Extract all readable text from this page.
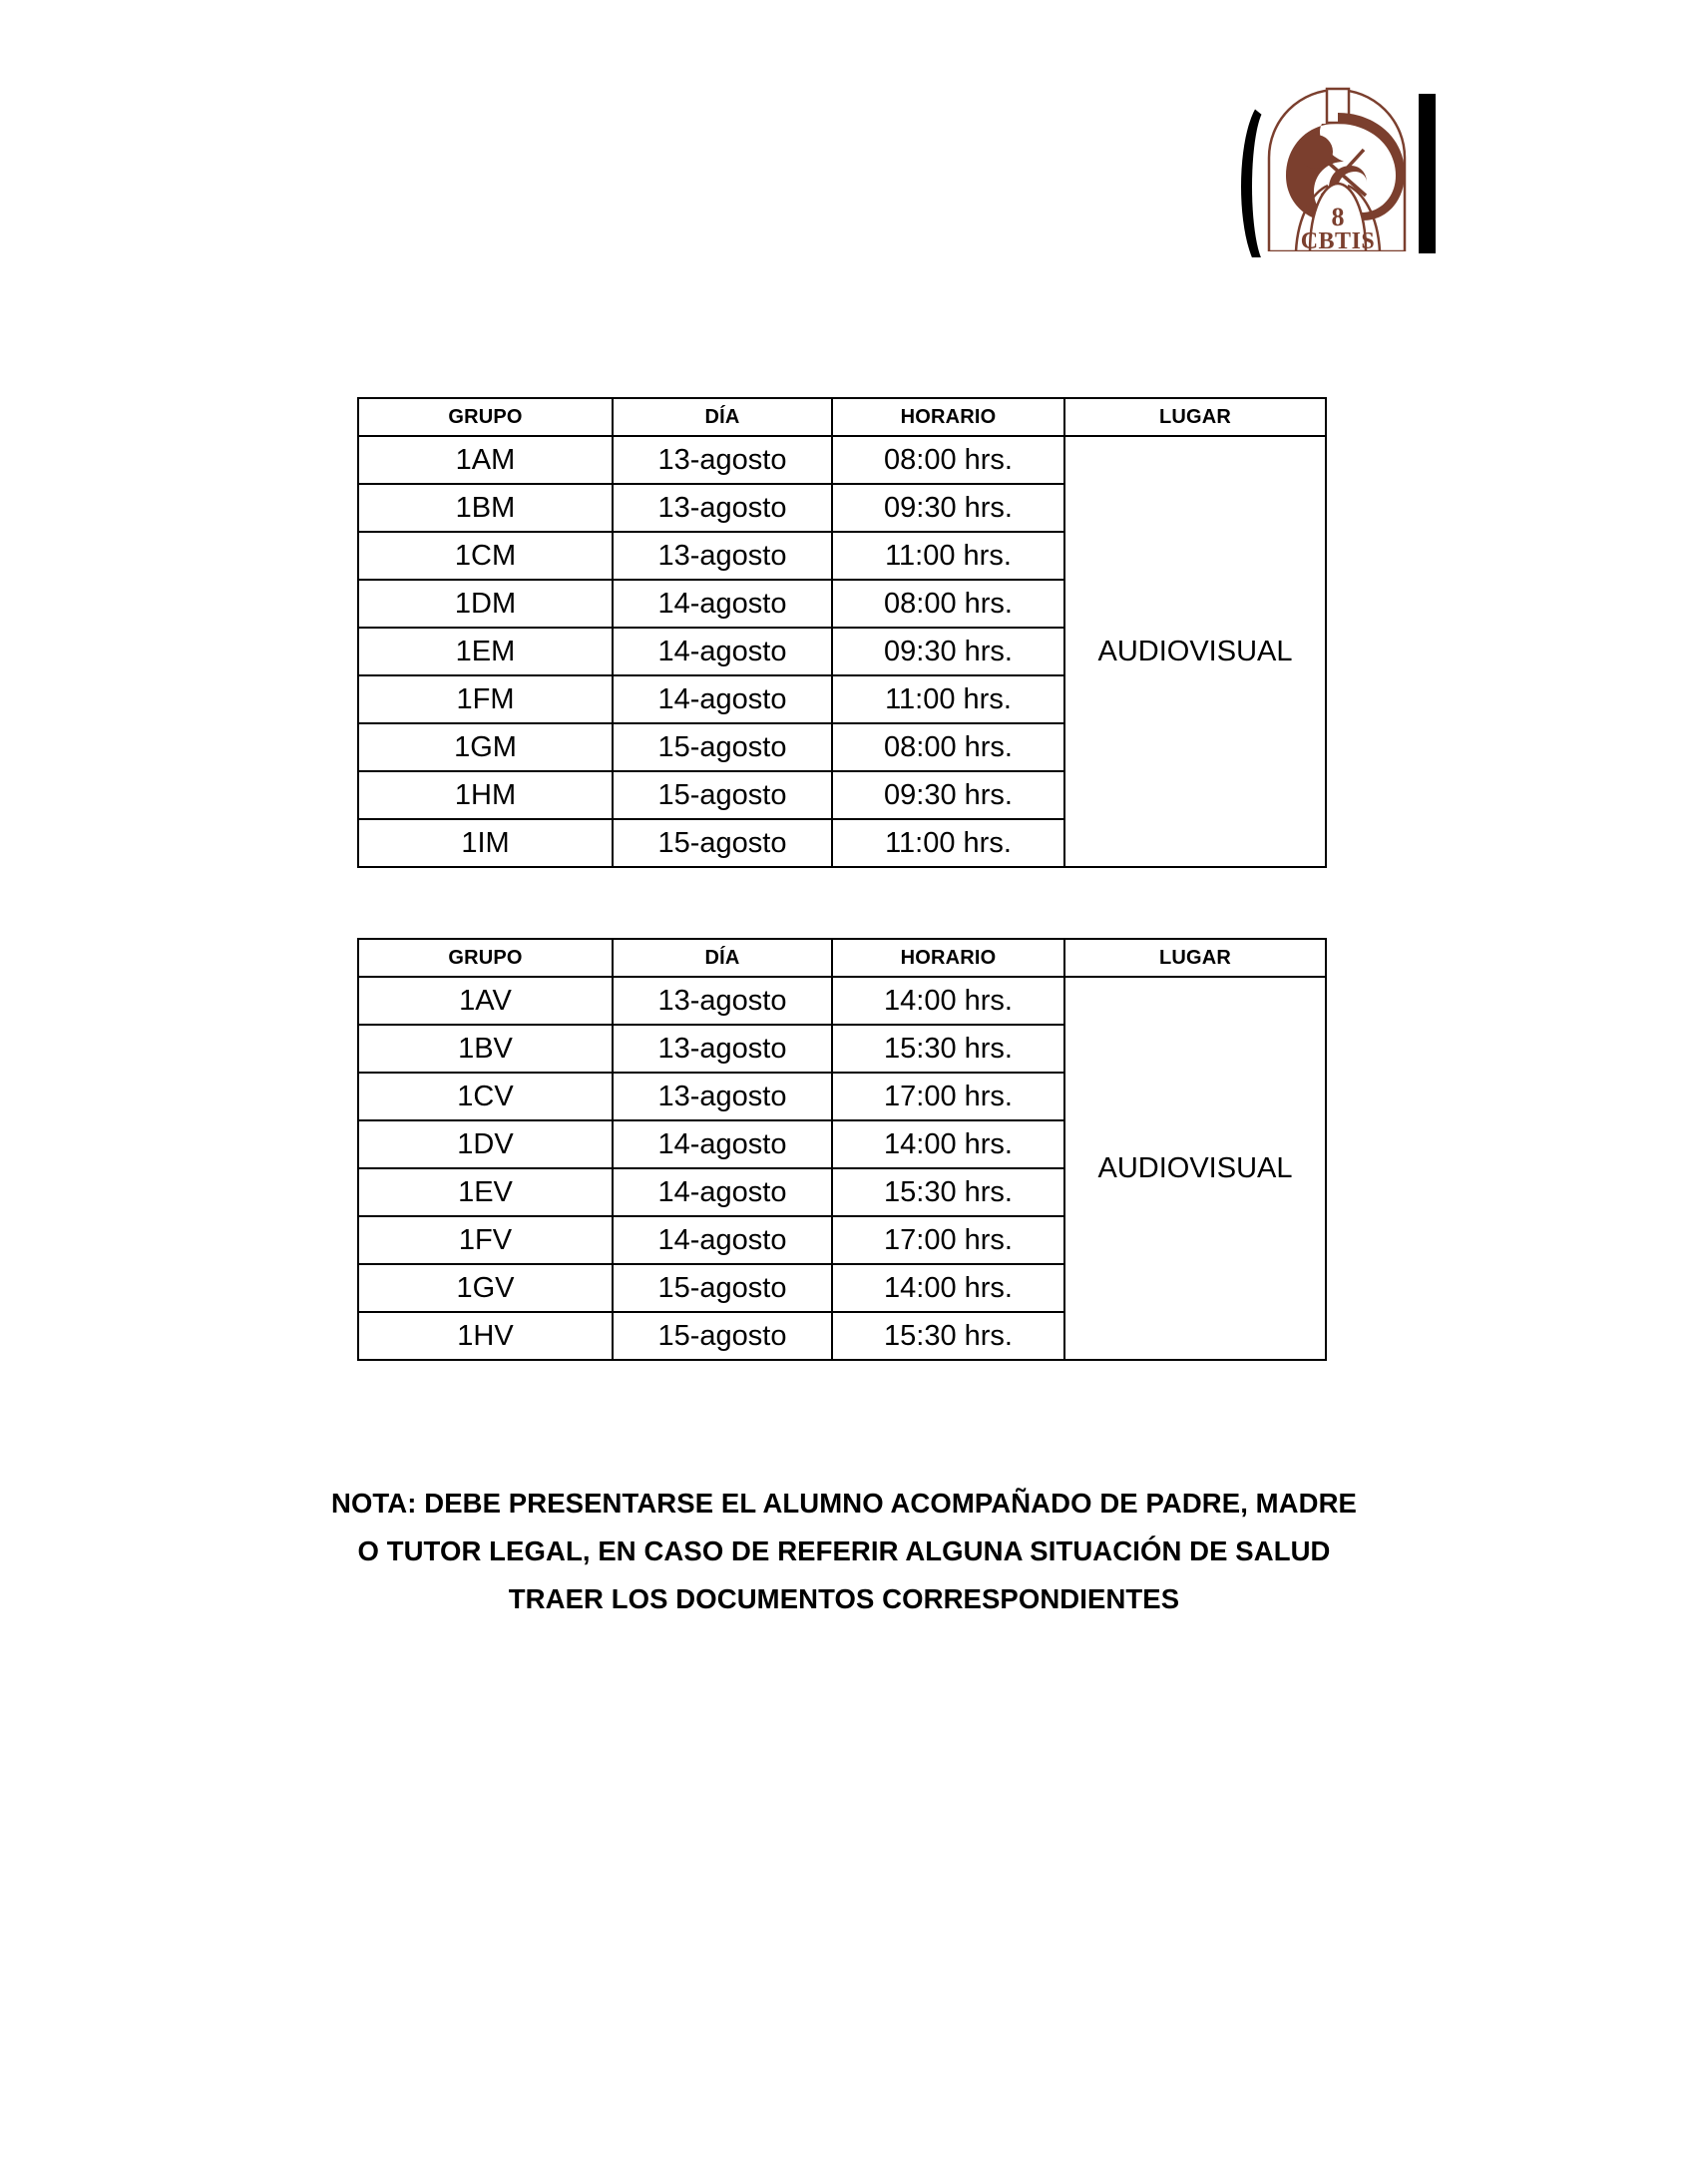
8
CBTIS
GRUPO	DÍA	HORARIO	LUGAR
1AM	13-agosto	08:00 hrs.	AUDIOVISUAL
1BM	13-agosto	09:30 hrs.	
1CM	13-agosto	11:00 hrs.	
1DM	14-agosto	08:00 hrs.	
1EM	14-agosto	09:30 hrs.	
1FM	14-agosto	11:00 hrs.	
1GM	15-agosto	08:00 hrs.	
1HM	15-agosto	09:30 hrs.	
1IM	15-agosto	11:00 hrs.	
GRUPO	DÍA	HORARIO	LUGAR
1AV	13-agosto	14:00 hrs.	AUDIOVISUAL
1BV	13-agosto	15:30 hrs.	
1CV	13-agosto	17:00 hrs.	
1DV	14-agosto	14:00 hrs.	
1EV	14-agosto	15:30 hrs.	
1FV	14-agosto	17:00 hrs.	
1GV	15-agosto	14:00 hrs.	
1HV	15-agosto	15:30 hrs.	
NOTA: DEBE PRESENTARSE EL ALUMNO ACOMPAÑADO DE PADRE, MADRE
O TUTOR LEGAL, EN CASO DE REFERIR ALGUNA SITUACIÓN DE SALUD
TRAER LOS DOCUMENTOS CORRESPONDIENTES
